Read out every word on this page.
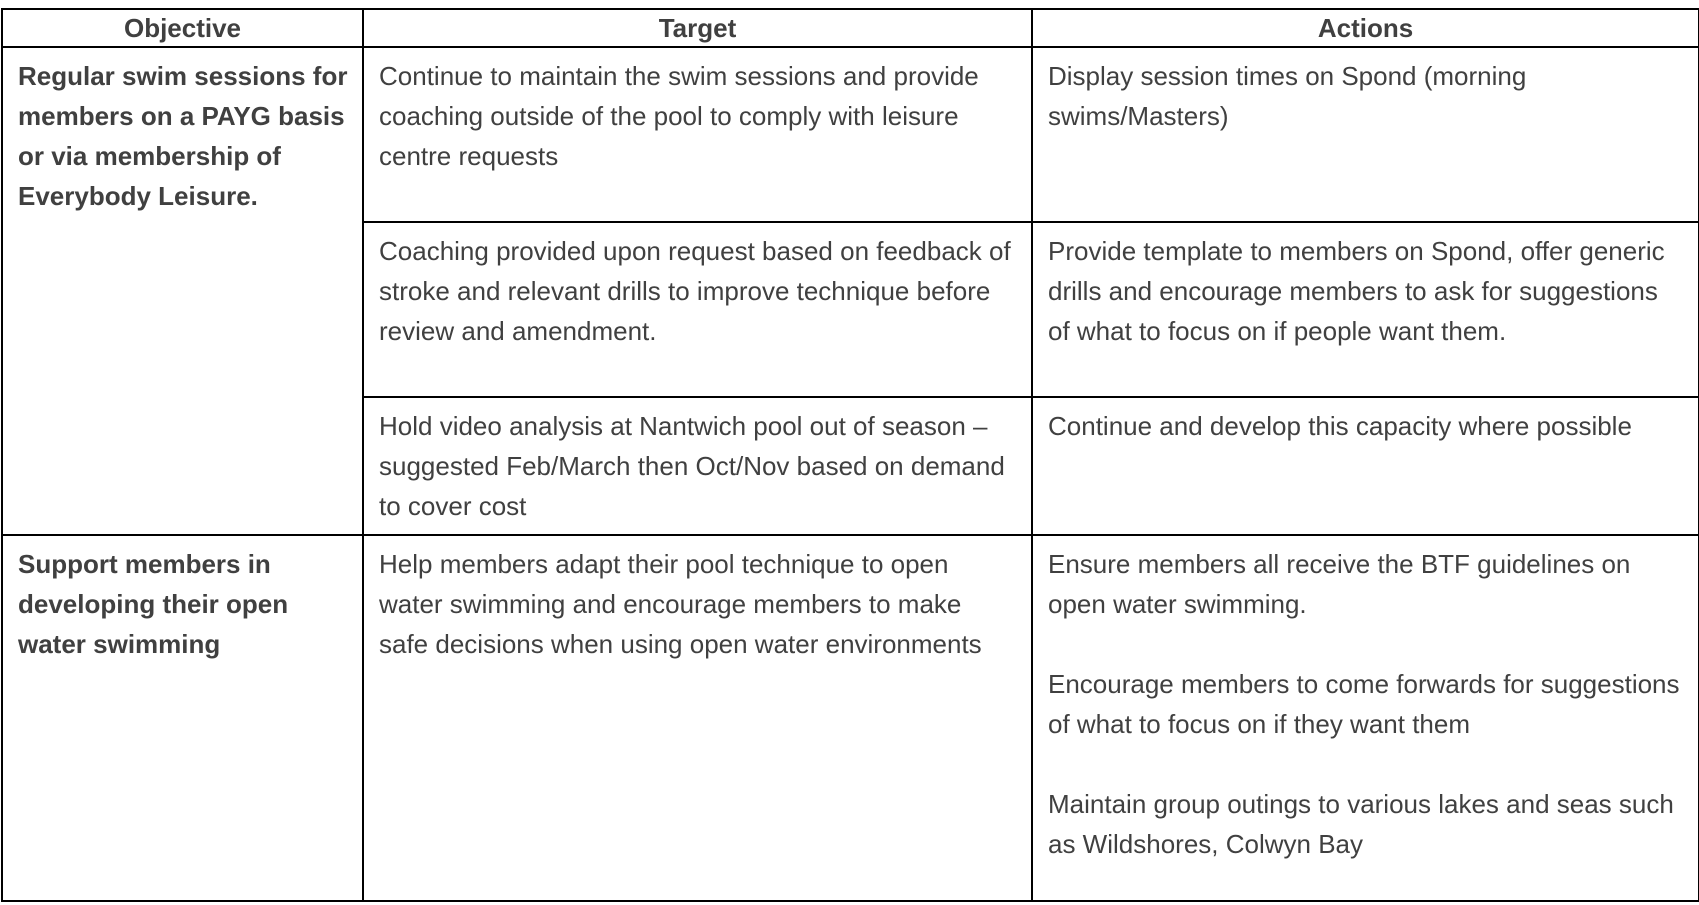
Objective	Target	Actions
Regular swim sessions for members on a PAYG basis or via membership of Everybody Leisure.	Continue to maintain the swim sessions and provide coaching outside of the pool to comply with leisure centre requests	Display session times on Spond (morning swims/Masters)

	Coaching provided upon request based on feedback of stroke and relevant drills to improve technique before review and amendment.	Provide template to members on Spond, offer generic drills and encourage members to ask for suggestions of what to focus on if people want them.

	Hold video analysis at Nantwich pool out of season – suggested Feb/March then Oct/Nov based on demand to cover cost	Continue and develop this capacity where possible

Support members in developing their open water swimming	Help members adapt their pool technique to open water swimming and encourage members to make safe decisions when using open water environments	Ensure members all receive the BTF guidelines on open water swimming.
Encourage members to come forwards for suggestions of what to focus on if they want them
Maintain group outings to various lakes and seas such as Wildshores, Colwyn Bay
